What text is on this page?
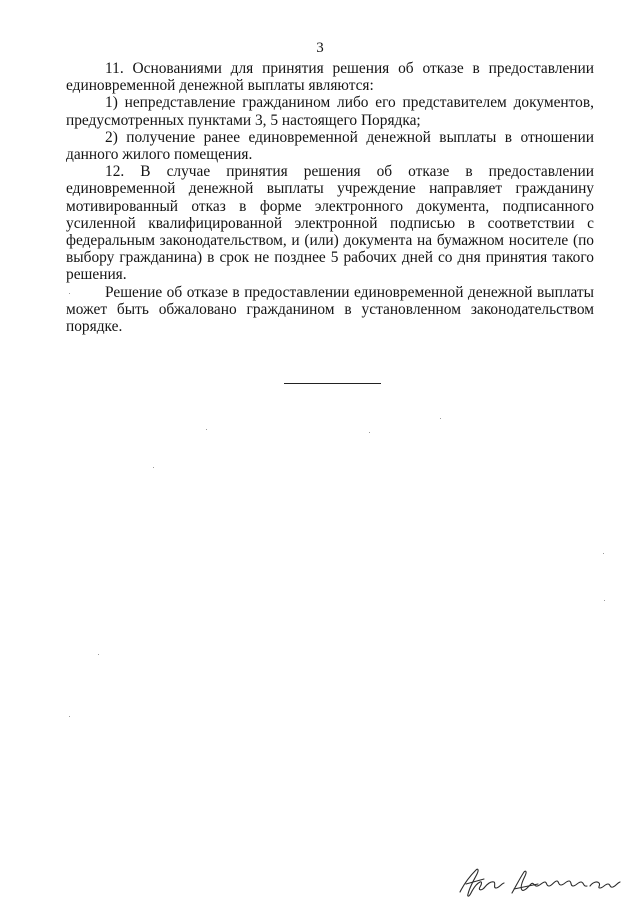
3

11. Основаниями для принятия решения об отказе в предоставлении единовременной денежной выплаты являются:

1) непредставление гражданином либо его представителем документов, предусмотренных пунктами 3, 5 настоящего Порядка;

2) получение ранее единовременной денежной выплаты в отношении данного жилого помещения.

12. В случае принятия решения об отказе в предоставлении единовременной денежной выплаты учреждение направляет гражданину мотивированный отказ в форме электронного документа, подписанного усиленной квалифицированной электронной подписью в соответствии с федеральным законодательством, и (или) документа на бумажном носителе (по выбору гражданина) в срок не позднее 5 рабочих дней со дня принятия такого решения.

Решение об отказе в предоставлении единовременной денежной выплаты может быть обжаловано гражданином в установленном законодательством порядке.
